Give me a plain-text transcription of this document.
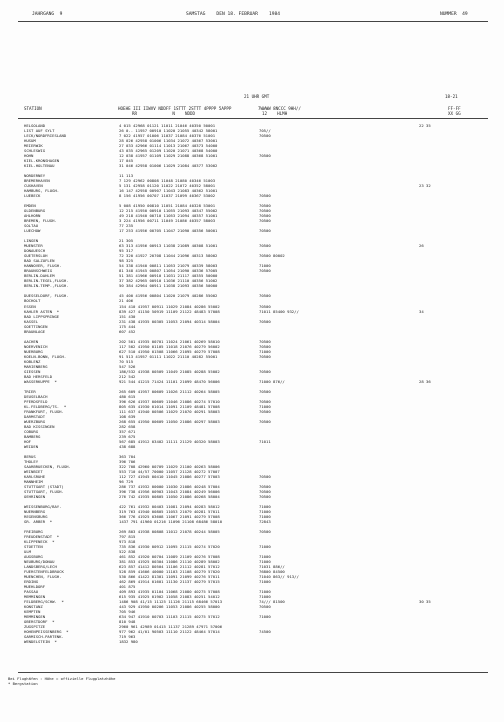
JAHRGANG  9	SAMSTAG    DEN 18. FEBRUAR    1984	NUMMER  49
21 UHR GMT	18-21
STATION	HOEHE III IIWVV NDDFF 1STTT 2STTT 4PPPP 5APPP
RR              N    NDDD
7WWWW 8NCCC 9HH//
12    HLMH
FF-FF
XX GG
HELGOLAND	4 015 42968 01121 11011 21046 40350 50001	22 35
LIST AUF SYLT	26 0.. 11957 00910 11020 21055 40342 58001	705//
LECK/NORDFRIESLAND	7 022 41957 01006 11037 21084 40376 51001	70500
HUSUM	28 026 42958 01006 11034 21072 40367 53001
MEIERWIK	27 033 42966 01114 11013 21067 40373 54000
SCHLESWIG	43 035 42965 01209 11020 21071 40368 54000
HOHN	12 038 41957 01109 11029 21088 40368 51001	70500
KIEL-KRONSHAGEN	17 045
KIEL-HOLTENAU	31 046 42958 01006 11029 21084 40377 53002
NORDERNEY	11 113
BREMERHAVEN	7 129 42962 00808 11048 21080 40346 51003
CUXHAVEN	5 131 42958 01120 11022 21072 40352 58001	23 32
HAMBURG, FLUGH.	16 147 42958 00907 11043 21083 40362 51001
LUEBECK	8 156 41956 00707 11037 21099 40367 53002	70500
EMDEN	5 008 41950 00810 11051 21084 40328 53001	70500
OLDENBURG	12 215 41950 00910 11055 21093 40347 55002	70500
AHLHORN	49 218 41940 00710 11053 21094 40357 51001	70500
BREMEN, FLUGH.	3 224 41956 00711 11049 21086 40357 58003	70500
SOLTAU	77 235
LUECHOW	17 253 41956 00705 11047 21090 40356 50001	70500
LINGEN	21 305
MUENSTER	63 313 41956 00913 11038 21089 40308 51001	70500	26
DONAUESCH	95 317
GUETERSLOH	72 320 41927 20708 11044 21096 40313 58002	70500 80002
BAD SALZUFLEN	98 325
HANNOVER, FLUGH.	54 338 41940 00811 11053 21079 40339 58003	71000
BRAUNSCHWEIG	81 348 41945 00807 11054 21090 40336 57005	70500
BERLIN-DAHLEM	51 381 41966 00910 11031 21117 40355 50000
BERLIN-TEGEL,FLUGH.	37 382 42965 00910 11036 21110 40356 51002
BERLIN-TEMP.,FLUGH.	50 384 42964 00911 11038 21093 40356 50000
DUESSELDORF, FLUGH.	45 400 41956 00804 11020 21079 40286 55002	70500
BOCHOLT	21 406
ESSEN	154 410 41957 00911 11029 21084 40286 55002	70500
KAHLER ASTEN  *	839 427 41150 50919 11109 21122 48483 57008	71011 85400 932//	34
BAD LIPPSPRINGE	151 430
KASSEL	231 438 41935 00305 11053 21094 40314 58004	70500
GOETTINGEN	175 444
BRAUNLAGE	607 452
AACHEN	202 501 41935 00701 11024 21061 40269 58010	70500
NOERVENICH	117 502 41950 01105 11018 21076 40279 56002	70500
NUERBURG	627 510 41950 01508 11066 21095 40279 57008	71000
KOELN-BONN, FLUGH.	91 513 41957 01111 11022 21110 40282 55001	70500
KOBLENZ	70 515
MARIENBERG	547 526
GIESSEN	186/532 41938 00509 11049 21085 40288 55002	70500
BAD HERSFELD	212 542
WASSERKUPPE  *	921 544 41215 71424 11101 21099 48470 56006	71000 876//	28 36
TRIER	265 609 41957 00609 11026 21112 40264 58005	70500
DEUSELBACH	480 615
PFERDSFELD	396 626 41937 00609 11046 21086 40274 57010	70500
KL.FELDBERG/TS.  *	805 635 41930 01014 11091 21109 48481 57008	71000
FRANKFURT, FLUGH.	111 637 41940 00506 11029 21070 40291 58003	70500
DARMSTADT	108 639
WUERZBURG	268 655 41950 00609 11050 21086 40297 58003	70500
BAD KISSINGEN	282 658
COBURG	357 671
BAMBERG	239 675
HOF	567 685 41912 03402 11111 21129 40320 58003	71011
WEIDEN	438 688
BERUS	363 704
THOLEY	396 706
SAARBRUECKEN, FLUGH.	322 708 42960 00709 11029 21100 40263 58006
WEINBIET	553 710 44/57 70000 11057 21128 40272 57007
KARLSRUHE	112 727 41945 00410 11045 21086 40277 57003	70500
MANNHEIM	96 729
STUTTGART (STADT)	286 737 41932 00000 11030 21086 40248 57004	70500
STUTTGART, FLUGH.	396 738 41956 00903 11043 21084 40249 56006	70500
OEHRINGEN	276 742 41935 00805 11050 21086 40268 58004	70500
WEISSENBURG/BAY.	422 761 41932 00403 11081 21094 40283 58012	71000
NUERNBERG	319 763 41940 00805 11053 21079 40281 57011	71000
REGENSBURG	366 776 41925 03608 11067 21091 40279 57008	71000
GR. ARBER  *	1437 791 41960 01216 11096 21108 68486 58010	72843
FREIBURG	269 803 41938 00808 11012 21078 40244 58005	70500
FREUDENSTADT  *	797 815
KLIPPENECK  *	973 818
STOETTEN	735 836 41930 00912 11095 21115 40274 57020	71000
ULM	522 838
AUGSBURG	461 852 41920 00704 11089 21109 40276 57008	71000
NEUBURG/DONAU	381 853 41925 00304 11086 21110 40289 58002	71000
LANDSBERG/LECH	623 857 41412 80504 11106 21112 40281 57012	71031 886//
FUERSTENFELDBRUCK	528 859 41606 40000 11103 21108 40279 57020	76800 84500
MUENCHEN, FLUGH.	530 866 41422 81301 11091 21099 40276 57011	71040 863// 913//
ERDING	462 869 41914 01601 11130 21137 40279 57015	71000
MUEHLDORF	401 875
PASSAU	409 893 41935 01104 11068 21080 40275 57008	71000
MEMMINGEN	615 935 41925 01902 11058 21083 40251 54012	71000
FELDBERG/SCHW.  *	1486 908 41/15 11125 11126 21115 68466 57013	74/// 81500	30 35
KONSTANZ	443 929 41950 00206 11053 21086 40255 58000	70500
KEMPTEN	705 946
MEMMINGEN	634 947 41910 00703 11103 21115 40275 57012	71000
OBERSTDORF  *	810 948
ZUGSPITZE	2960 961 42989 01415 11137 21289 47971 57006
HOHENPEISSENBERG  *	977 962 41/01 90503 11110 21122 48464 57014	74500
GARMISCH-PARTENK.	719 963
WENDELSTEIN  *	1832 980
Bei Flughäfen : Höhe = offizielle Flugplatzhöhe
* Bergstation
